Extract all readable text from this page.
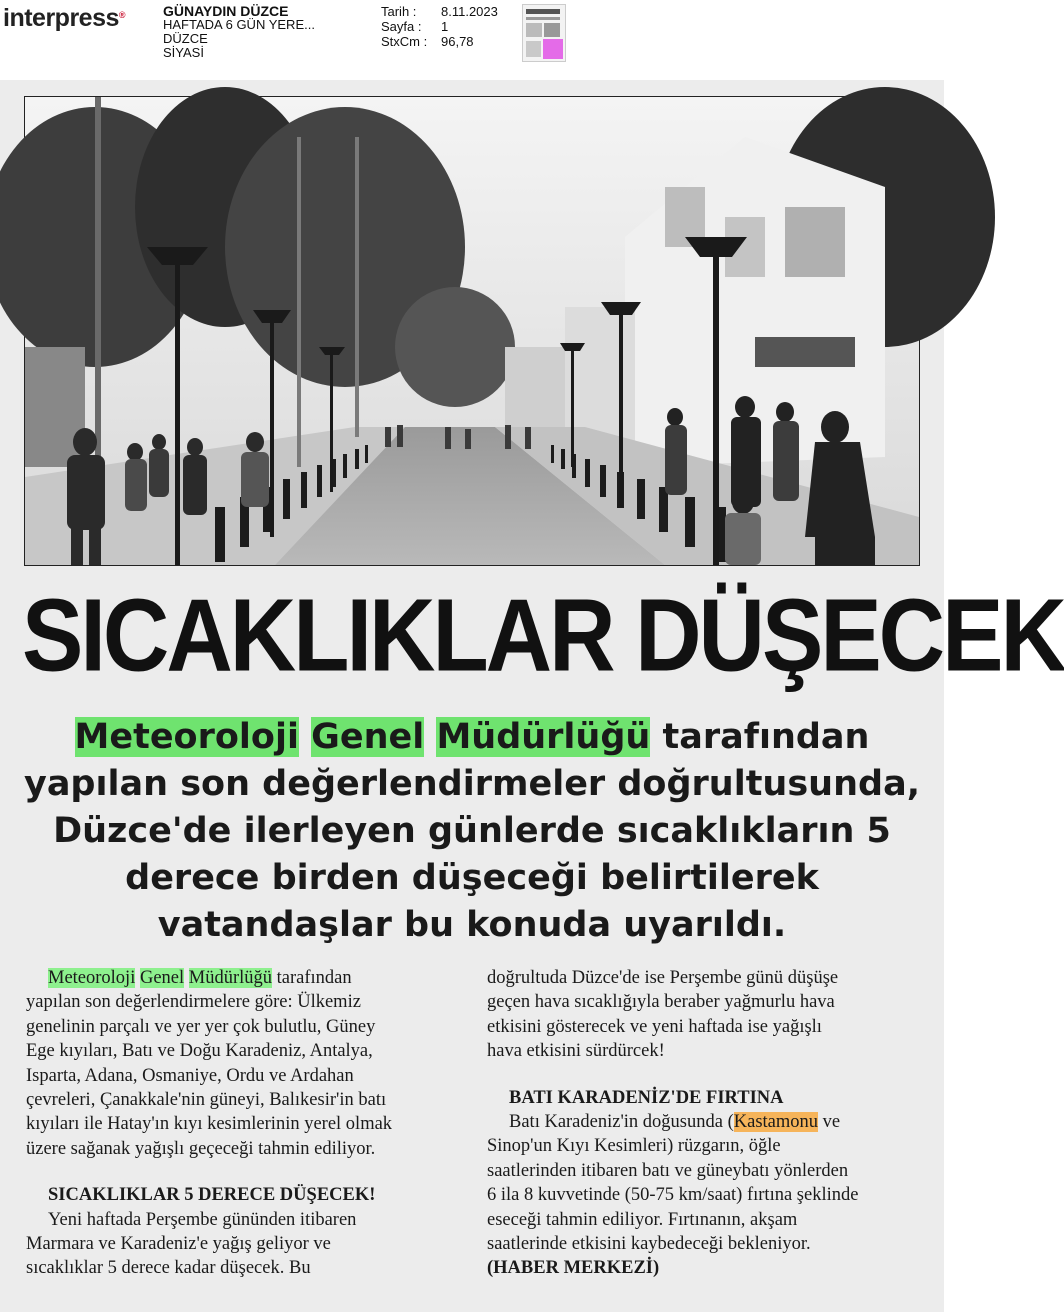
interpress®	GÜNAYDIN DÜZCE
HAFTADA 6 GÜN YERE...
DÜZCE
SİYASİ
Tarih :	8.11.2023
Sayfa :	1
StxCm :	96,78
SICAKLIKLAR DÜŞECEK
Meteoroloji Genel Müdürlüğü tarafından
yapılan son değerlendirmeler doğrultusunda,
Düzce'de ilerleyen günlerde sıcaklıkların 5
derece birden düşeceği belirtilerek
vatandaşlar bu konuda uyarıldı.

Meteoroloji Genel Müdürlüğü tarafından
yapılan son değerlendirmelere göre: Ülkemiz
genelinin parçalı ve yer yer çok bulutlu, Güney
Ege kıyıları, Batı ve Doğu Karadeniz, Antalya,
Isparta, Adana, Osmaniye, Ordu ve Ardahan
çevreleri, Çanakkale'nin güneyi, Balıkesir'in batı
kıyıları ile Hatay'ın kıyı kesimlerinin yerel olmak
üzere sağanak yağışlı geçeceği tahmin ediliyor.

SICAKLIKLAR 5 DERECE DÜŞECEK!

Yeni haftada Perşembe gününden itibaren
Marmara ve Karadeniz'e yağış geliyor ve
sıcaklıklar 5 derece kadar düşecek. Bu

doğrultuda Düzce'de ise Perşembe günü düşüşe
geçen hava sıcaklığıyla beraber yağmurlu hava
etkisini gösterecek ve yeni haftada ise yağışlı
hava etkisini sürdürcek!

BATI KARADENİZ'DE FIRTINA

Batı Karadeniz'in doğusunda (Kastamonu ve
Sinop'un Kıyı Kesimleri) rüzgarın, öğle
saatlerinden itibaren batı ve güneybatı yönlerden
6 ila 8 kuvvetinde (50-75 km/saat) fırtına şeklinde
eseceği tahmin ediliyor. Fırtınanın, akşam
saatlerinde etkisini kaybedeceği bekleniyor.
(HABER MERKEZİ)
